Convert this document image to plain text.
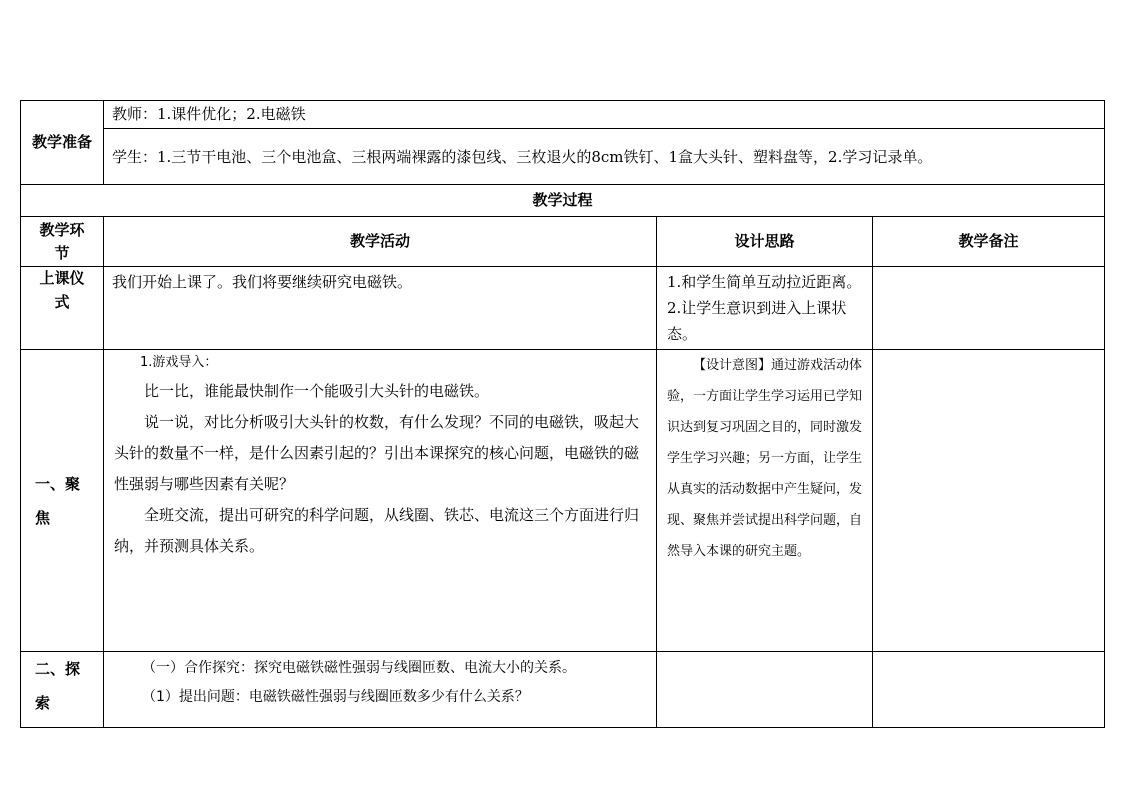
教学准备	教师：1.课件优化；2.电磁铁		
	学生：1.三节干电池、三个电池盒、三根两端裸露的漆包线、三枚退火的8cm铁钉、1盒大头针、塑料盘等，2.学习记录单。		
教学过程			
教学环节	教学活动	设计思路	教学备注
上课仪式	我们开始上课了。我们将要继续研究电磁铁。	1.和学生简单互动拉近距离。2.让学生意识到进入上课状态。	
一、聚焦	1.游戏导入：

比一比，谁能最快制作一个能吸引大头针的电磁铁。

说一说，对比分析吸引大头针的枚数，有什么发现？不同的电磁铁，吸起大头针的数量不一样，是什么因素引起的？引出本课探究的核心问题，电磁铁的磁性强弱与哪些因素有关呢？

全班交流，提出可研究的科学问题，从线圈、铁芯、电流这三个方面进行归纳，并预测具体关系。	【设计意图】通过游戏活动体验，一方面让学生学习运用已学知识达到复习巩固之目的，同时激发学生学习兴趣；另一方面，让学生从真实的活动数据中产生疑问，发现、聚焦并尝试提出科学问题，自然导入本课的研究主题。	
二、探索	（一）合作探究：探究电磁铁磁性强弱与线圈匝数、电流大小的关系。

（1）提出问题：电磁铁磁性强弱与线圈匝数多少有什么关系？		
